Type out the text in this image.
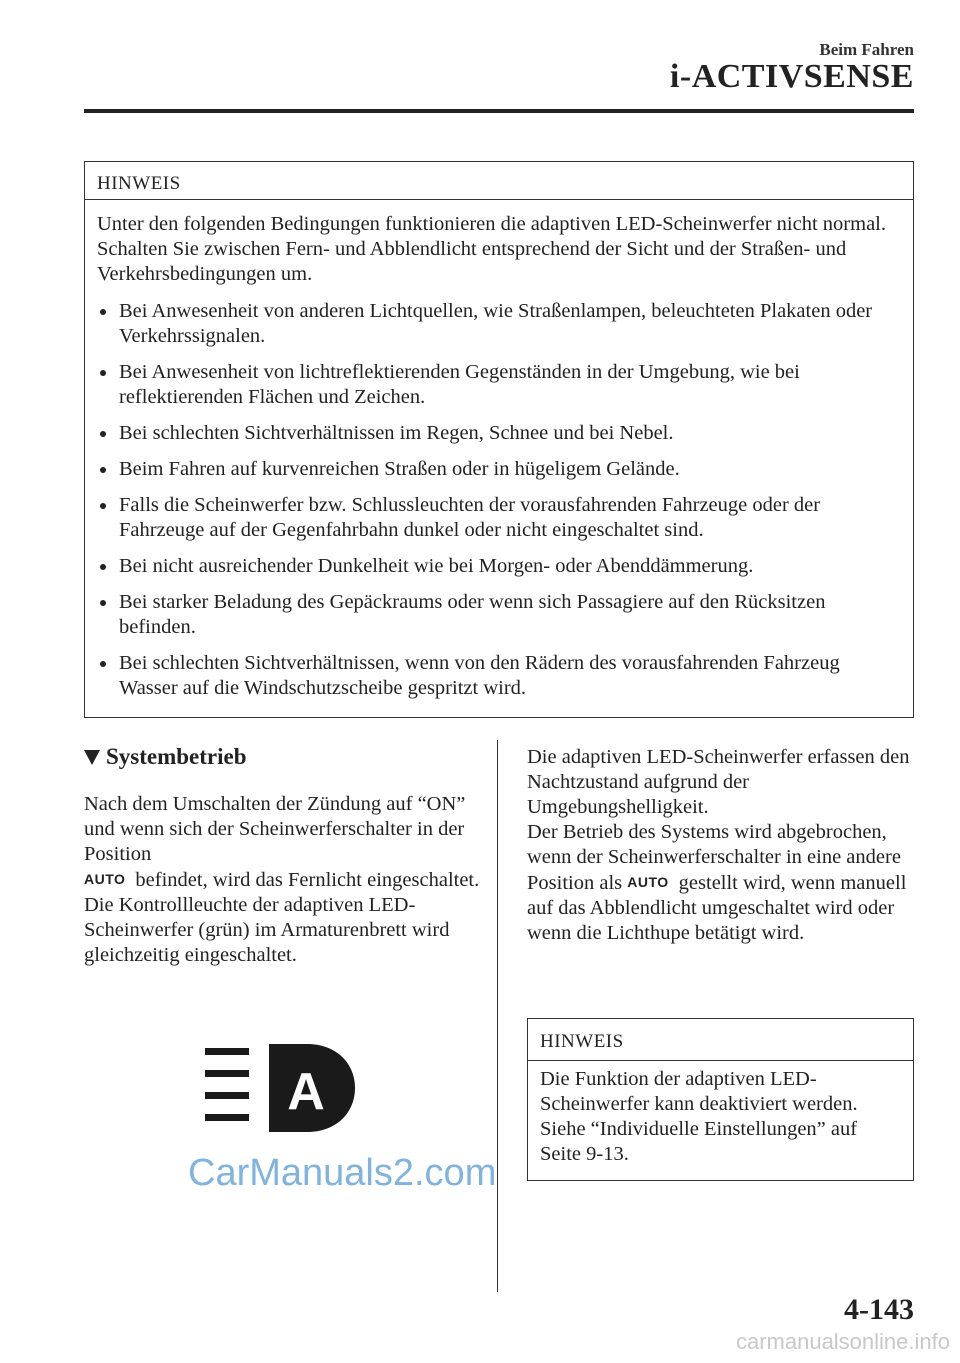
Beim Fahren
i-ACTIVSENSE
HINWEIS
Unter den folgenden Bedingungen funktionieren die adaptiven LED-Scheinwerfer nicht normal. Schalten Sie zwischen Fern- und Abblendlicht entsprechend der Sicht und der Straßen- und Verkehrsbedingungen um.
Bei Anwesenheit von anderen Lichtquellen, wie Straßenlampen, beleuchteten Plakaten oder Verkehrssignalen.
Bei Anwesenheit von lichtreflektierenden Gegenständen in der Umgebung, wie bei reflektierenden Flächen und Zeichen.
Bei schlechten Sichtverhältnissen im Regen, Schnee und bei Nebel.
Beim Fahren auf kurvenreichen Straßen oder in hügeligem Gelände.
Falls die Scheinwerfer bzw. Schlussleuchten der vorausfahrenden Fahrzeuge oder der Fahrzeuge auf der Gegenfahrbahn dunkel oder nicht eingeschaltet sind.
Bei nicht ausreichender Dunkelheit wie bei Morgen- oder Abenddämmerung.
Bei starker Beladung des Gepäckraums oder wenn sich Passagiere auf den Rücksitzen befinden.
Bei schlechten Sichtverhältnissen, wenn von den Rädern des vorausfahrenden Fahrzeug Wasser auf die Windschutzscheibe gespritzt wird.
Systembetrieb
Nach dem Umschalten der Zündung auf “ON” und wenn sich der Scheinwerferschalter in der Position
AUTO befindet, wird das Fernlicht eingeschaltet. Die Kontrollleuchte der adaptiven LED-Scheinwerfer (grün) im Armaturenbrett wird gleichzeitig eingeschaltet.
A
CarManuals2.com
Die adaptiven LED-Scheinwerfer erfassen den Nachtzustand aufgrund der Umgebungshelligkeit.
Der Betrieb des Systems wird abgebrochen, wenn der Scheinwerferschalter in eine andere Position als AUTO gestellt wird, wenn manuell auf das Abblendlicht umgeschaltet wird oder wenn die Lichthupe betätigt wird.
HINWEIS
Die Funktion der adaptiven LED-Scheinwerfer kann deaktiviert werden. Siehe “Individuelle Einstellungen” auf Seite 9-13.
4-143
carmanualsonline.info
